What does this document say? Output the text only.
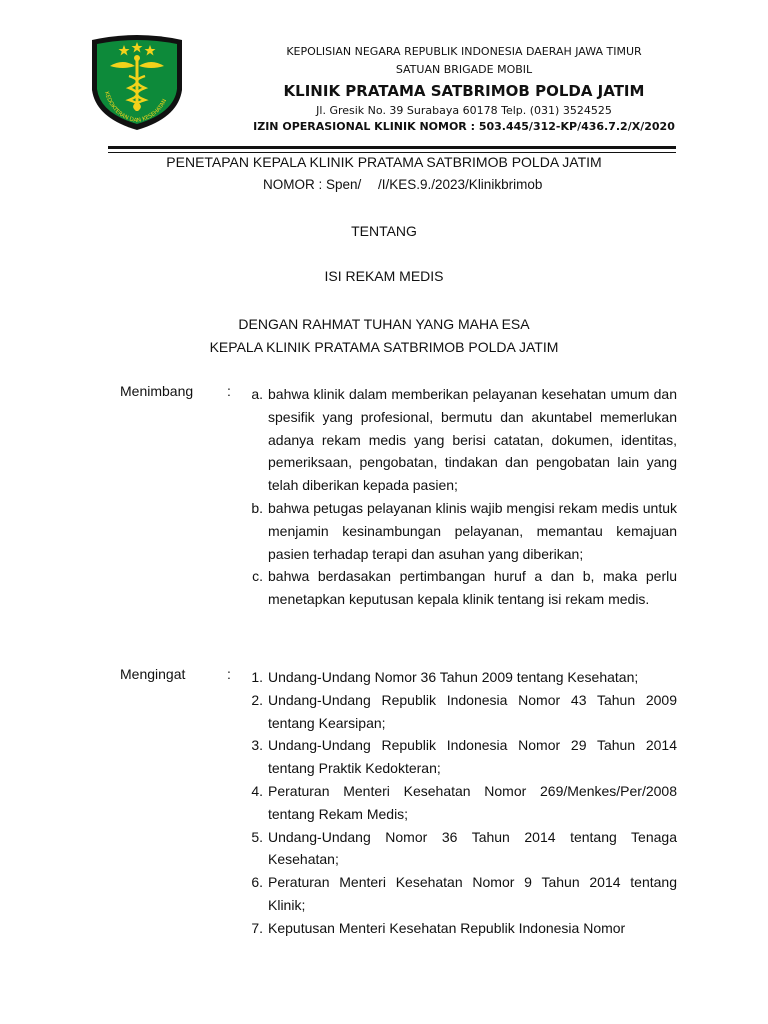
KEDOKTERAN DAN KESEHATAN
KEPOLISIAN NEGARA REPUBLIK INDONESIA DAERAH JAWA TIMUR
SATUAN BRIGADE MOBIL
KLINIK PRATAMA SATBRIMOB POLDA JATIM
Jl. Gresik No. 39 Surabaya 60178 Telp. (031) 3524525
IZIN OPERASIONAL KLINIK NOMOR : 503.445/312-KP/436.7.2/X/2020
PENETAPAN KEPALA KLINIK PRATAMA SATBRIMOB POLDA JATIM
NOMOR : Spen/ /I/KES.9./2023/Klinikbrimob
TENTANG
ISI REKAM MEDIS
DENGAN RAHMAT TUHAN YANG MAHA ESA
KEPALA KLINIK PRATAMA SATBRIMOB POLDA JATIM
Menimbang :	a. bahwa klinik dalam memberikan pelayanan kesehatan umum dan spesifik yang profesional, bermutu dan akuntabel memerlukan adanya rekam medis yang berisi catatan, dokumen, identitas, pemeriksaan, pengobatan, tindakan dan pengobatan lain yang telah diberikan kepada pasien;
b. bahwa petugas pelayanan klinis wajib mengisi rekam medis untuk menjamin kesinambungan pelayanan, memantau kemajuan pasien terhadap terapi dan asuhan yang diberikan;
c. bahwa berdasakan pertimbangan huruf a dan b, maka perlu menetapkan keputusan kepala klinik tentang isi rekam medis.
Mengingat	:	1. Undang-Undang Nomor 36 Tahun 2009 tentang Kesehatan;
2. Undang-Undang Republik Indonesia Nomor 43 Tahun 2009 tentang Kearsipan;
3. Undang-Undang Republik Indonesia Nomor 29 Tahun 2014 tentang Praktik Kedokteran;
4. Peraturan Menteri Kesehatan Nomor 269/Menkes/Per/2008 tentang Rekam Medis;
5. Undang-Undang Nomor 36 Tahun 2014 tentang Tenaga Kesehatan;
6. Peraturan Menteri Kesehatan Nomor 9 Tahun 2014 tentang Klinik;
7. Keputusan Menteri Kesehatan Republik Indonesia Nomor
